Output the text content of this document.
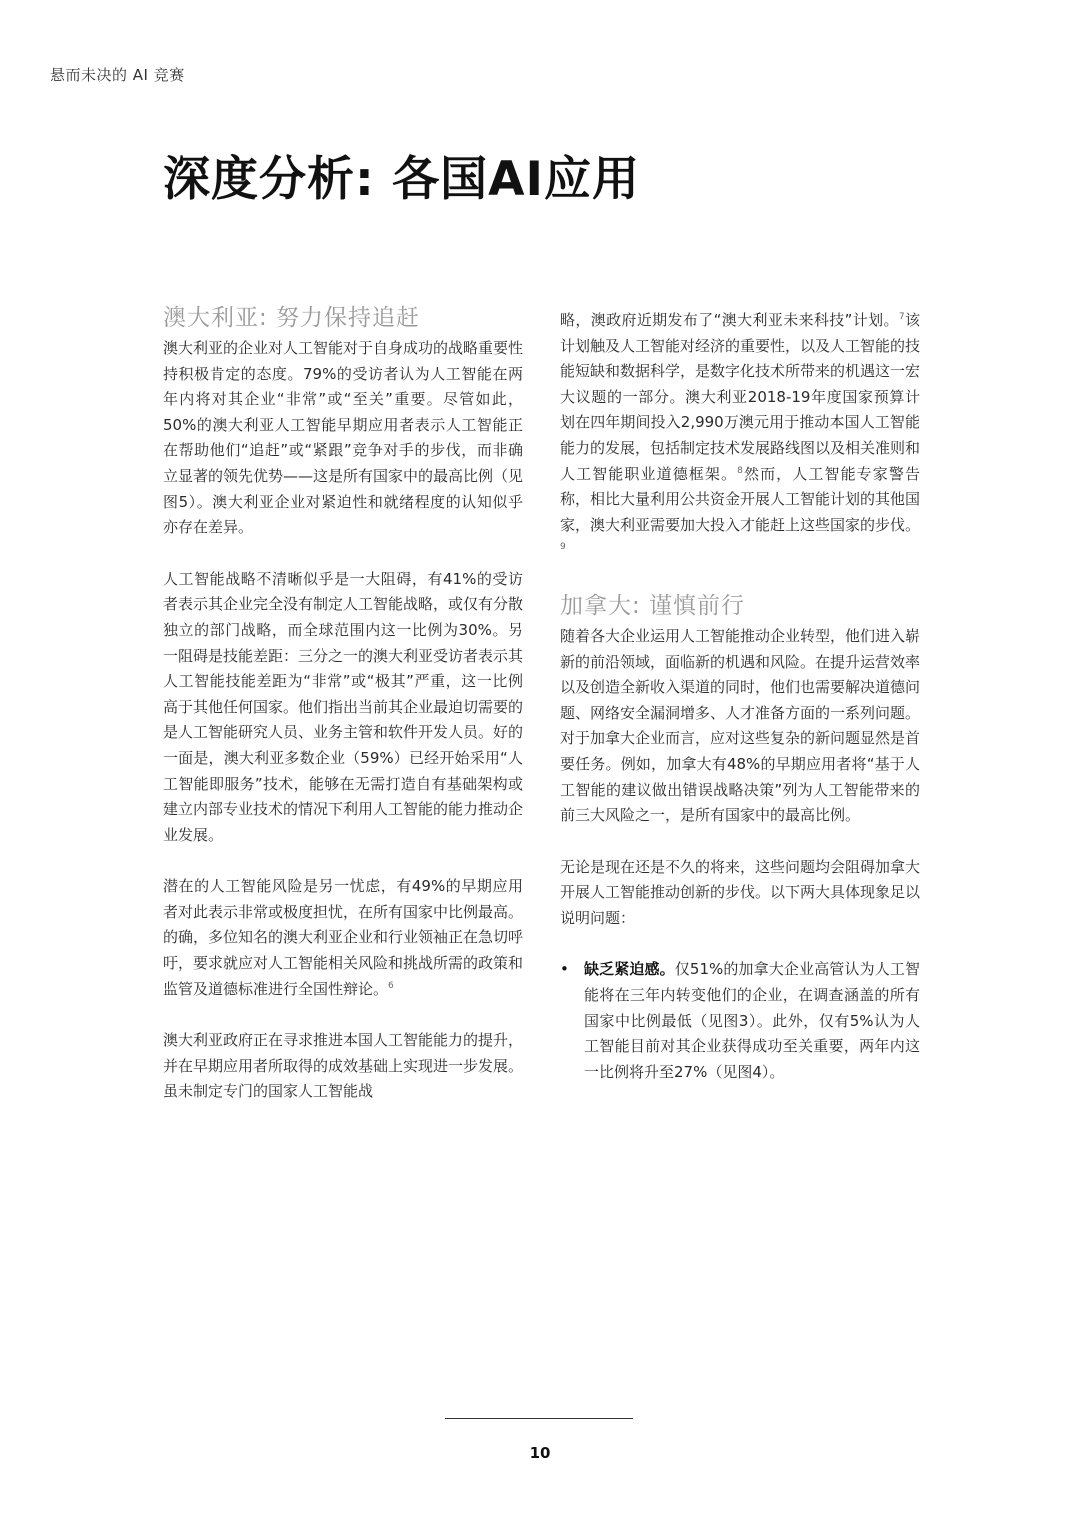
悬而未决的 AI 竞赛
深度分析: 各国AI应用
澳大利亚: 努力保持追赶

澳大利亚的企业对人工智能对于自身成功的战略重要性持积极肯定的态度。79%的受访者认为人工智能在两年内将对其企业“非常”或“至关”重要。尽管如此，50%的澳大利亚人工智能早期应用者表示人工智能正在帮助他们“追赶”或“紧跟”竞争对手的步伐，而非确立显著的领先优势——这是所有国家中的最高比例（见图5）。澳大利亚企业对紧迫性和就绪程度的认知似乎亦存在差异。

人工智能战略不清晰似乎是一大阻碍，有41%的受访者表示其企业完全没有制定人工智能战略，或仅有分散独立的部门战略，而全球范围内这一比例为30%。另一阻碍是技能差距：三分之一的澳大利亚受访者表示其人工智能技能差距为“非常”或“极其”严重，这一比例高于其他任何国家。他们指出当前其企业最迫切需要的是人工智能研究人员、业务主管和软件开发人员。好的一面是，澳大利亚多数企业（59%）已经开始采用“人工智能即服务”技术，能够在无需打造自有基础架构或建立内部专业技术的情况下利用人工智能的能力推动企业发展。

潜在的人工智能风险是另一忧虑，有49%的早期应用者对此表示非常或极度担忧，在所有国家中比例最高。的确，多位知名的澳大利亚企业和行业领袖正在急切呼吁，要求就应对人工智能相关风险和挑战所需的政策和监管及道德标准进行全国性辩论。$^6$

澳大利亚政府正在寻求推进本国人工智能能力的提升，并在早期应用者所取得的成效基础上实现进一步发展。虽未制定专门的国家人工智能战

略，澳政府近期发布了“澳大利亚未来科技”计划。$^7$该计划触及人工智能对经济的重要性，以及人工智能的技能短缺和数据科学，是数字化技术所带来的机遇这一宏大议题的一部分。澳大利亚2018-19年度国家预算计划在四年期间投入2,990万澳元用于推动本国人工智能能力的发展，包括制定技术发展路线图以及相关准则和人工智能职业道德框架。$^8$然而，人工智能专家警告称，相比大量利用公共资金开展人工智能计划的其他国家，澳大利亚需要加大投入才能赶上这些国家的步伐。$^9$

加拿大: 谨慎前行

随着各大企业运用人工智能推动企业转型，他们进入崭新的前沿领域，面临新的机遇和风险。在提升运营效率以及创造全新收入渠道的同时，他们也需要解决道德问题、网络安全漏洞增多、人才准备方面的一系列问题。对于加拿大企业而言，应对这些复杂的新问题显然是首要任务。例如，加拿大有48%的早期应用者将“基于人工智能的建议做出错误战略决策”列为人工智能带来的前三大风险之一，是所有国家中的最高比例。

无论是现在还是不久的将来，这些问题均会阻碍加拿大开展人工智能推动创新的步伐。以下两大具体现象足以说明问题：

•	缺乏紧迫感。仅51%的加拿大企业高管认为人工智能将在三年内转变他们的企业，在调查涵盖的所有国家中比例最低（见图3）。此外，仅有5%认为人工智能目前对其企业获得成功至关重要，两年内这一比例将升至27%（见图4）。
10
